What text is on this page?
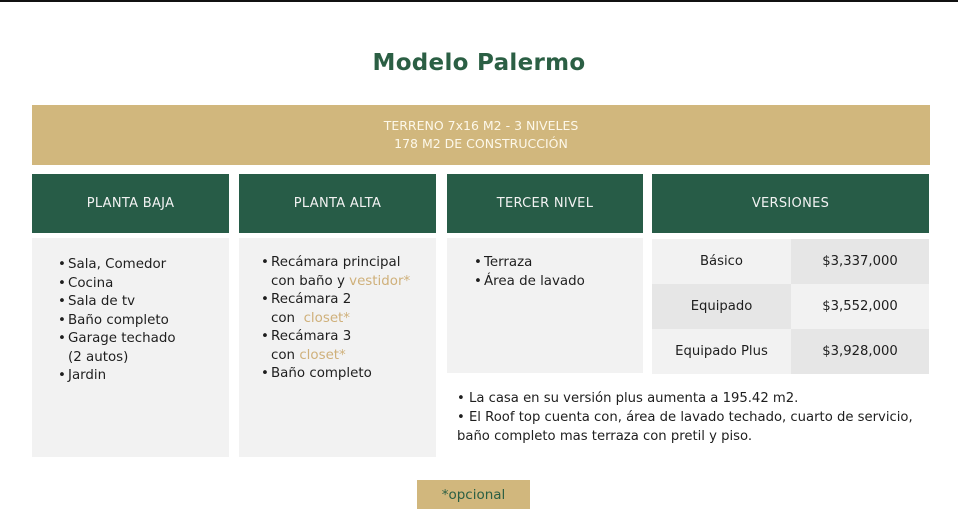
Modelo Palermo
TERRENO 7x16 M2 - 3 NIVELES
178 M2 DE CONSTRUCCIÓN
PLANTA BAJA	PLANTA ALTA	TERCER NIVEL	VERSIONES
• Sala, Comedor
• Cocina
• Sala de tv
• Baño completo
• Garage techado
(2 autos)
• Jardin
• Recámara principal
con baño y vestidor*
• Recámara 2
con closet*
• Recámara 3
con closet*
• Baño completo
• Terraza
• Área de lavado
Básico	$3,337,000
Equipado	$3,552,000
Equipado Plus	$3,928,000
• La casa en su versión plus aumenta a 195.42 m2.
• El Roof top cuenta con, área de lavado techado, cuarto de servicio,
baño completo mas terraza con pretil y piso.
*opcional
